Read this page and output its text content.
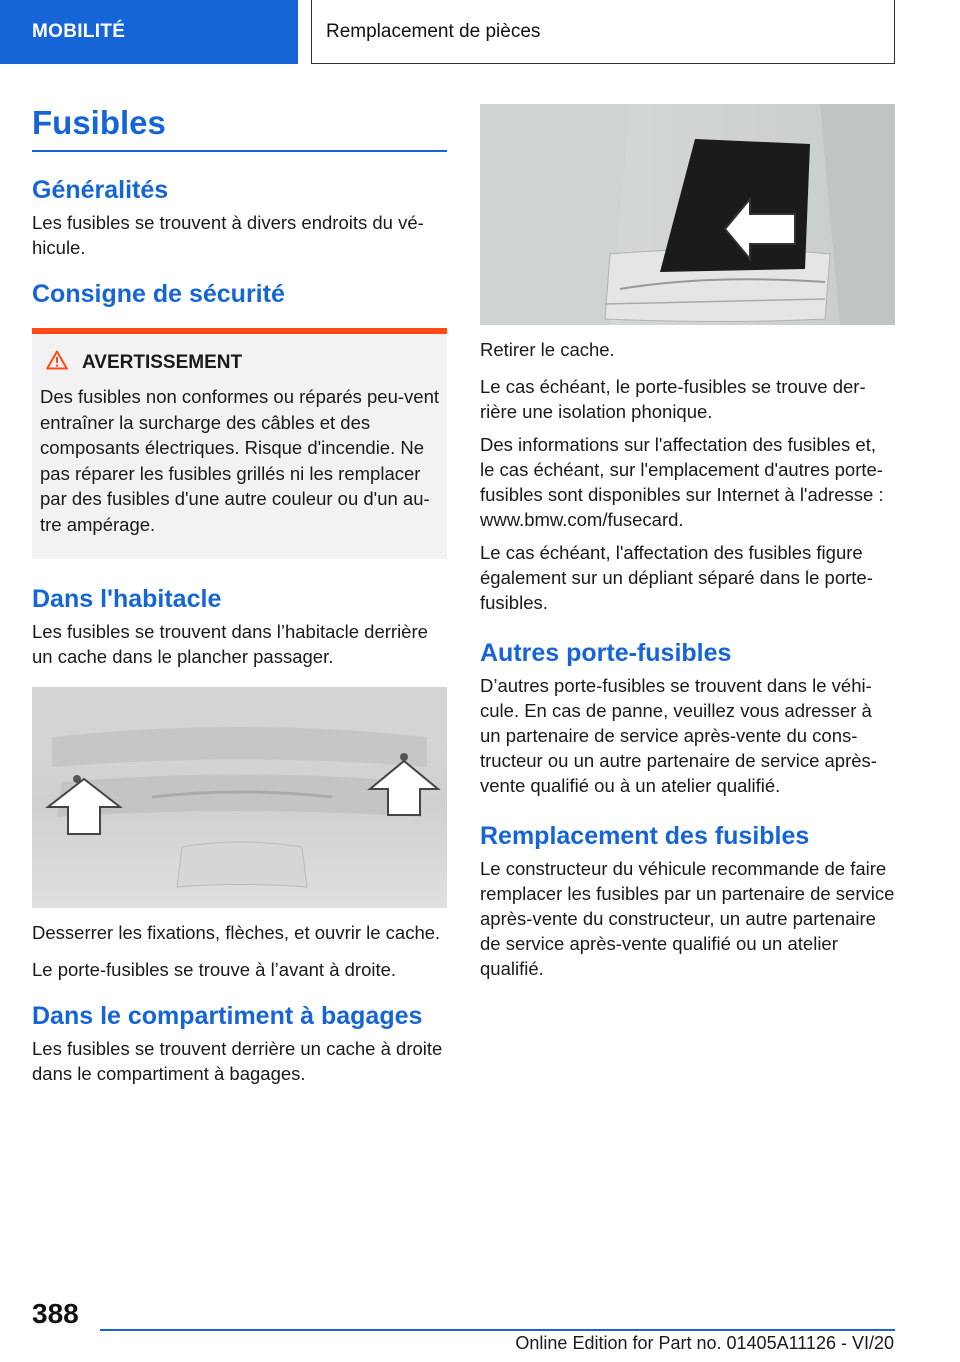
MOBILITÉ	Remplacement de pièces
Fusibles
Généralités

Les fusibles se trouvent à divers endroits du vé-hicule.

Consigne de sécurité
AVERTISSEMENT

Des fusibles non conformes ou réparés peu-vent entraîner la surcharge des câbles et des composants électriques. Risque d'incendie. Ne pas réparer les fusibles grillés ni les remplacer par des fusibles d'une autre couleur ou d'un au-tre ampérage.

Dans l'habitacle

Les fusibles se trouvent dans l’habitacle derrière un cache dans le plancher passager.

Desserrer les fixations, flèches, et ouvrir le cache.

Le porte-fusibles se trouve à l’avant à droite.

Dans le compartiment à bagages

Les fusibles se trouvent derrière un cache à droite dans le compartiment à bagages.

Retirer le cache.

Le cas échéant, le porte-fusibles se trouve der-rière une isolation phonique.

Des informations sur l'affectation des fusibles et, le cas échéant, sur l'emplacement d'autres porte-fusibles sont disponibles sur Internet à l'adresse : www.bmw.com/fusecard.

Le cas échéant, l'affectation des fusibles figure également sur un dépliant séparé dans le porte-fusibles.

Autres porte-fusibles

D’autres porte-fusibles se trouvent dans le véhi-cule. En cas de panne, veuillez vous adresser à un partenaire de service après-vente du cons-tructeur ou un autre partenaire de service après-vente qualifié ou à un atelier qualifié.

Remplacement des fusibles

Le constructeur du véhicule recommande de faire remplacer les fusibles par un partenaire de service après-vente du constructeur, un autre partenaire de service après-vente qualifié ou un atelier qualifié.

388
Online Edition for Part no. 01405A11126 - VI/20
